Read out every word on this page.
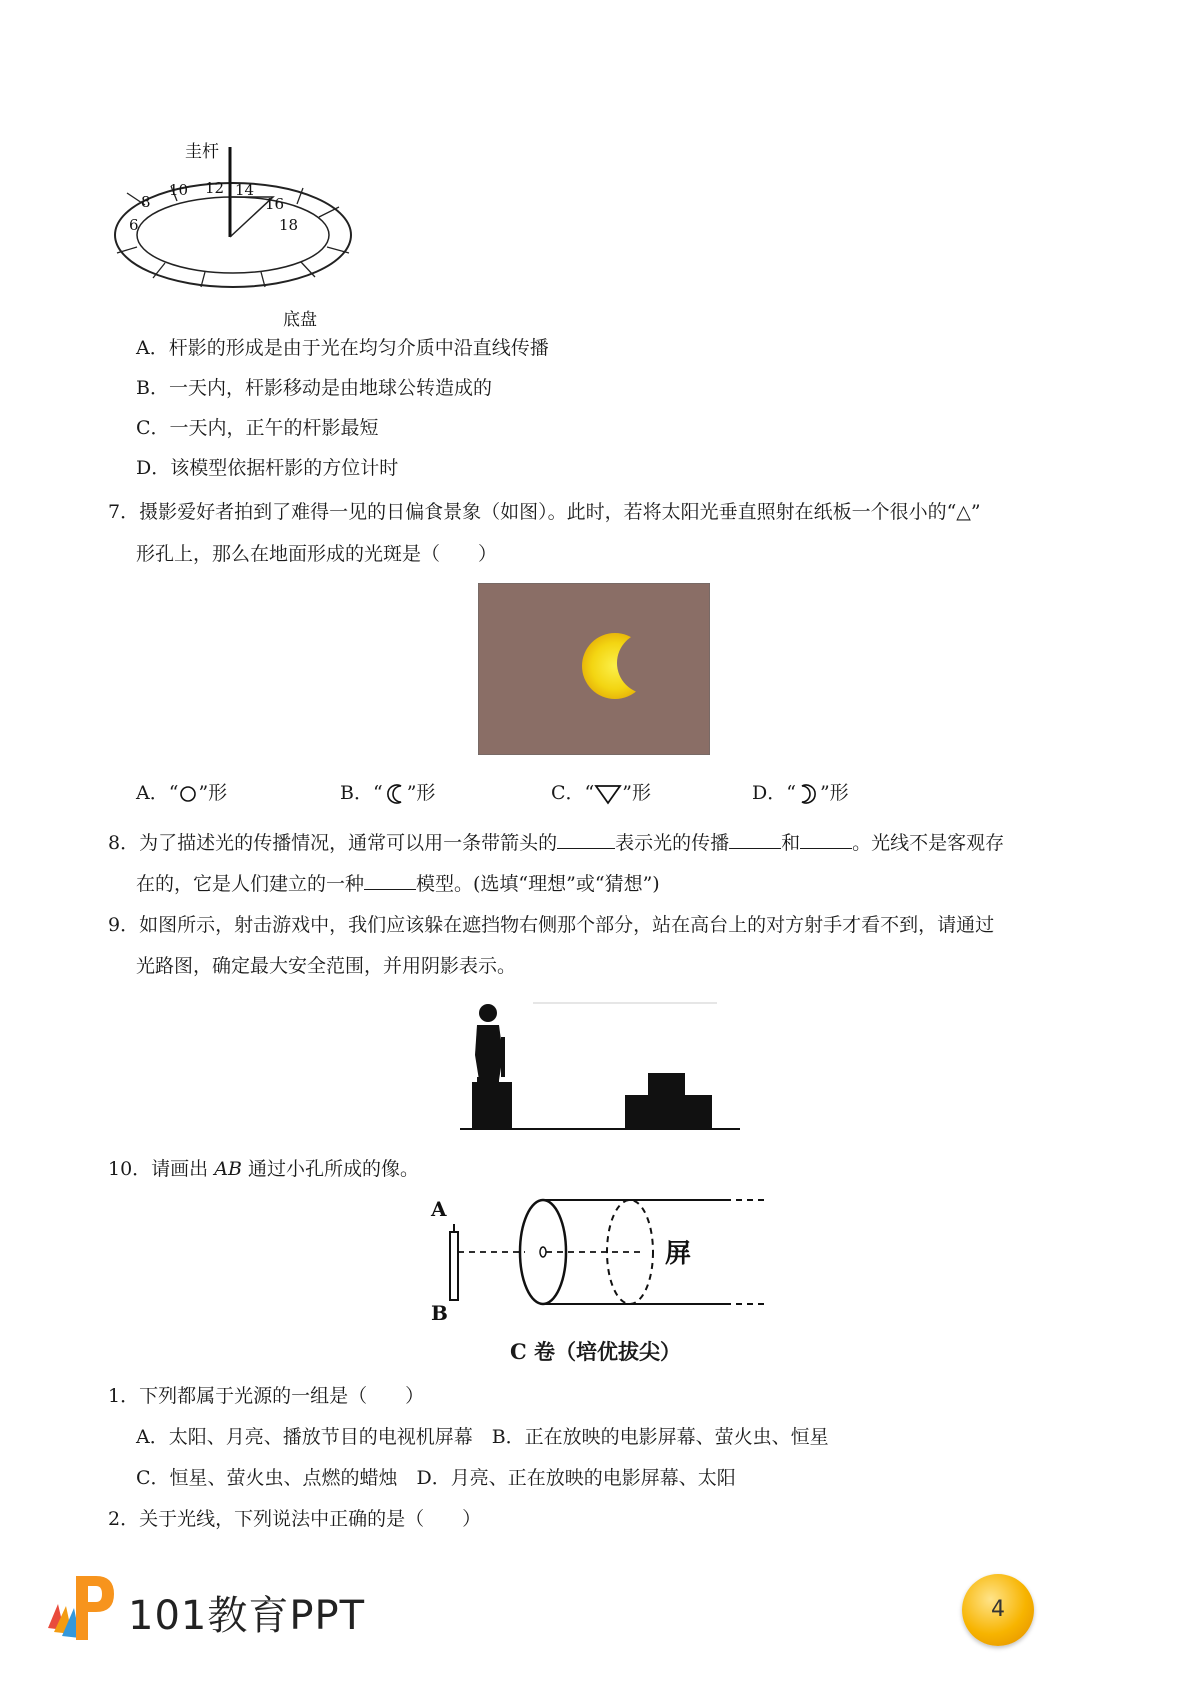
圭杆
6
8
10 12 14
16
18
底盘
A．杆影的形成是由于光在均匀介质中沿直线传播
B．一天内，杆影移动是由地球公转造成的
C．一天内，正午的杆影最短
D．该模型依据杆影的方位计时
7．摄影爱好者拍到了难得一见的日偏食景象（如图）。此时，若将太阳光垂直照射在纸板一个很小的“△”
形孔上，那么在地面形成的光斑是（　　）
A．“ ”形	B．“ ”形	C．“ ”形	D．“ ”形
8．为了描述光的传播情况，通常可以用一条带箭头的	表示光的传播	和	。光线不是客观存
在的，它是人们建立的一种	模型。(选填“理想”或“猜想”)
9．如图所示，射击游戏中，我们应该躲在遮挡物右侧那个部分，站在高台上的对方射手才看不到，请通过
光路图，确定最大安全范围，并用阴影表示。
10．请画出 AB 通过小孔所成的像。
A
B
屏
C 卷（培优拔尖）
1．下列都属于光源的一组是（　　）
A．太阳、月亮、播放节目的电视机屏幕　B．正在放映的电影屏幕、萤火虫、恒星
C．恒星、萤火虫、点燃的蜡烛　D．月亮、正在放映的电影屏幕、太阳
2．关于光线，下列说法中正确的是（　　）
101教育PPT	4
